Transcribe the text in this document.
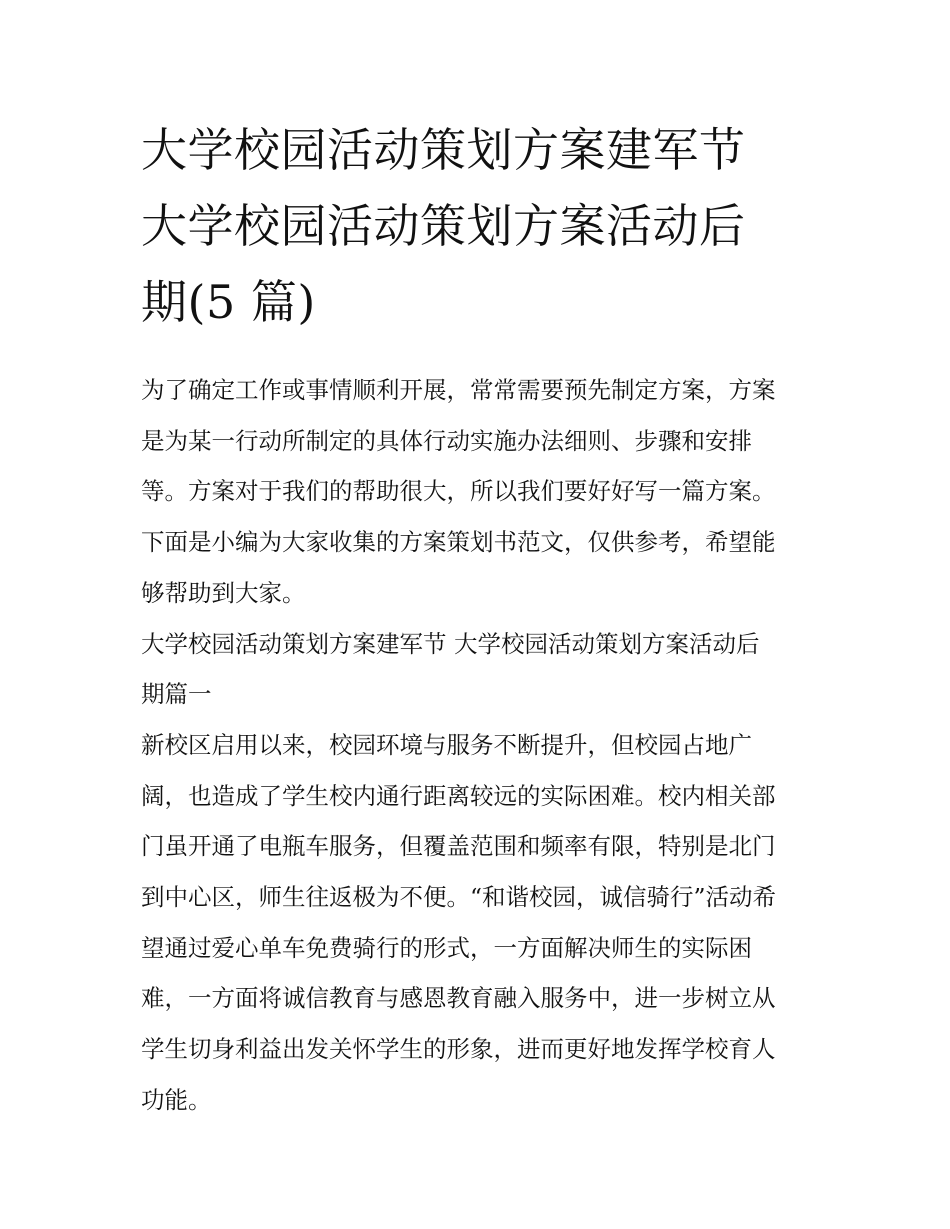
大学校园活动策划方案建军节
大学校园活动策划方案活动后
期(5 篇)
为了确定工作或事情顺利开展，常常需要预先制定方案，方案
是为某一行动所制定的具体行动实施办法细则、步骤和安排
等。方案对于我们的帮助很大，所以我们要好好写一篇方案。
下面是小编为大家收集的方案策划书范文，仅供参考，希望能
够帮助到大家。
大学校园活动策划方案建军节 大学校园活动策划方案活动后
期篇一
新校区启用以来，校园环境与服务不断提升，但校园占地广
阔，也造成了学生校内通行距离较远的实际困难。校内相关部
门虽开通了电瓶车服务，但覆盖范围和频率有限，特别是北门
到中心区，师生往返极为不便。“和谐校园，诚信骑行”活动希
望通过爱心单车免费骑行的形式，一方面解决师生的实际困
难，一方面将诚信教育与感恩教育融入服务中，进一步树立从
学生切身利益出发关怀学生的形象，进而更好地发挥学校育人
功能。
